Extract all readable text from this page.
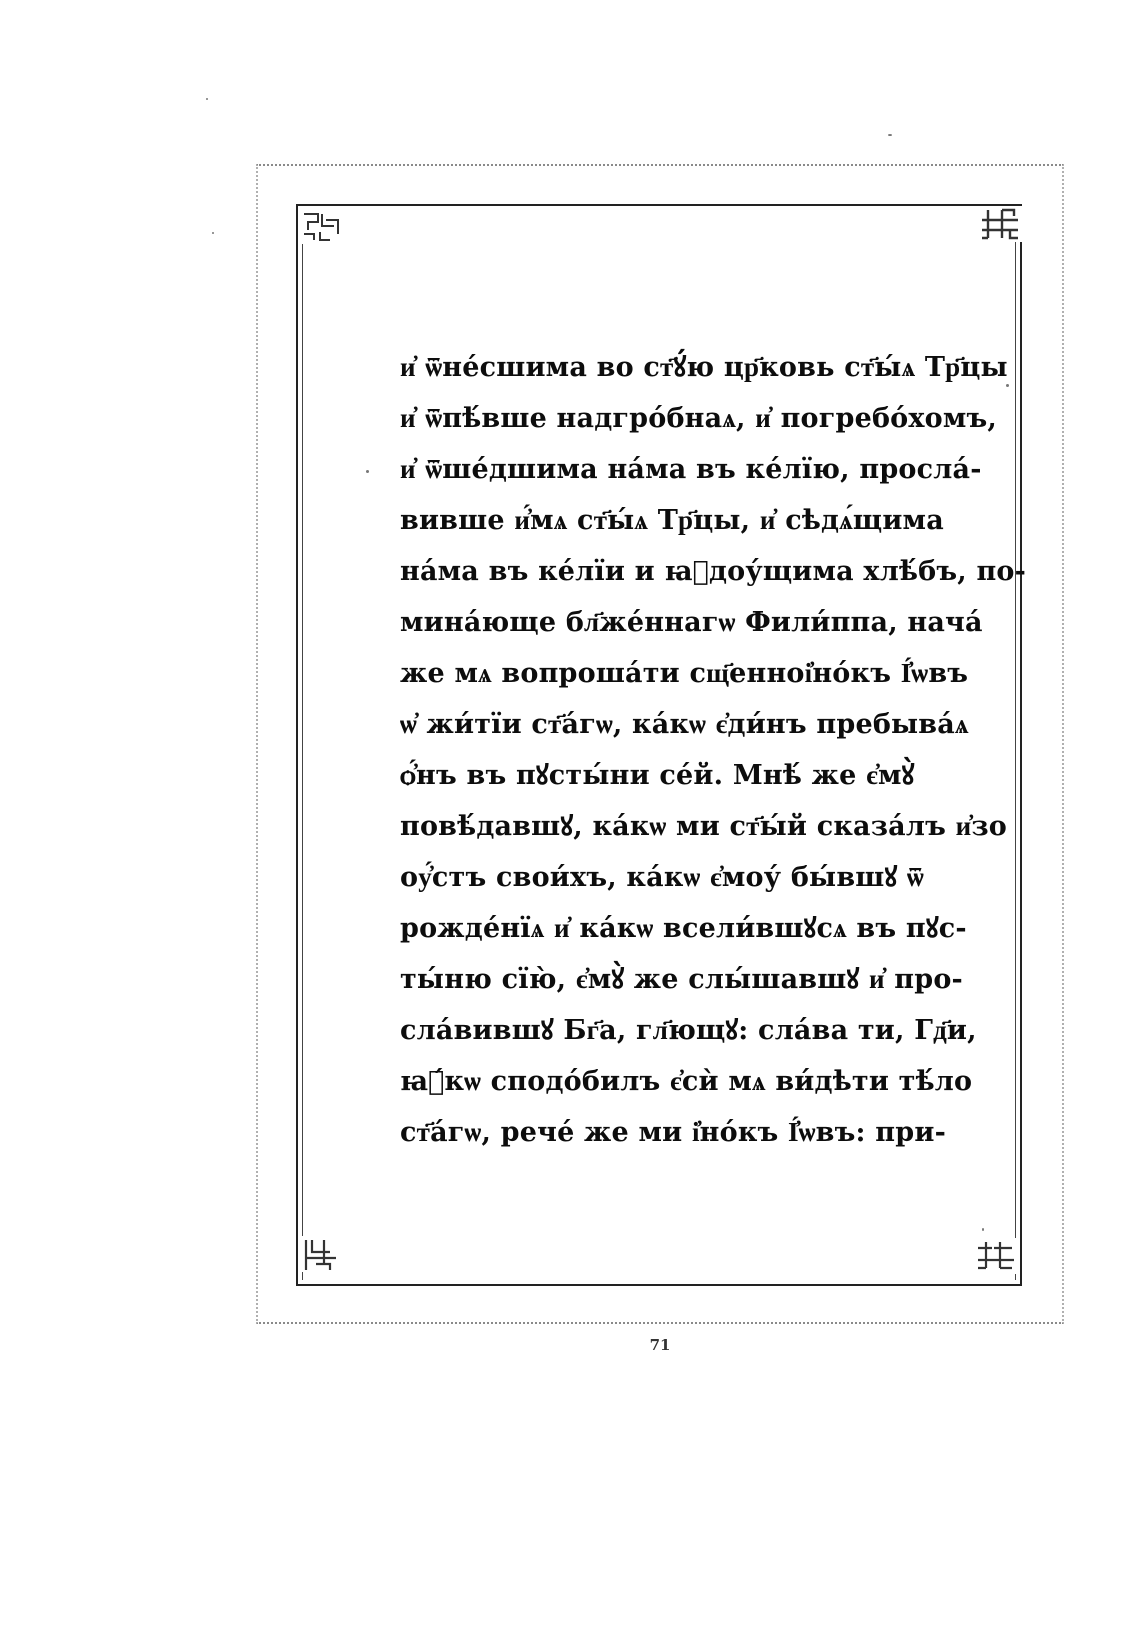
и҆ ѿне́сшима во ст҃ꙋ́ю цр҃ковь ст҃ы́ѧ Тр҃цы
и҆ ѿпѣ́вше надгро́бнаѧ, и҆ погребо́хомъ,
и҆ ѿше́дшима на́ма въ ке́лїю, просла́-
вивше и҆́мѧ ст҃ы́ѧ Тр҃цы, и҆ сѣдѧ́щима
на́ма въ ке́лїи и ꙗ҆доу́щима хлѣ́бъ, по-
мина́юще бл҃же́ннагѡ Фили́ппа, нача́
же мѧ вопроша́ти сщ҃енноі҆но́къ І҆́ѡвъ
ѡ҆ жи́тїи ст҃а́гѡ, ка́кѡ є҆ди́нъ пребыва́ѧ
ѻ҆́нъ въ пꙋсты́ни се́й. Мнѣ́ же є҆мꙋ̀
повѣ́давшꙋ, ка́кѡ ми ст҃ы́й сказа́лъ и҆зо
оу҆́стъ свои́хъ, ка́кѡ є҆моу́ бы́вшꙋ ѿ
рожде́нїѧ и҆ ка́кѡ всели́вшꙋсѧ въ пꙋс-
ты́ню сїю̀, є҆мꙋ̀ же слы́шавшꙋ и҆ про-
сла́вившꙋ Бг҃а, гл҃ющꙋ: сла́ва ти, Гд҃и,
ꙗ҆́кѡ сподо́билъ є҆сѝ мѧ ви́дѣти тѣ́ло
ст҃а́гѡ, рече́ же ми і҆но́къ І҆́ѡвъ: при-
71
